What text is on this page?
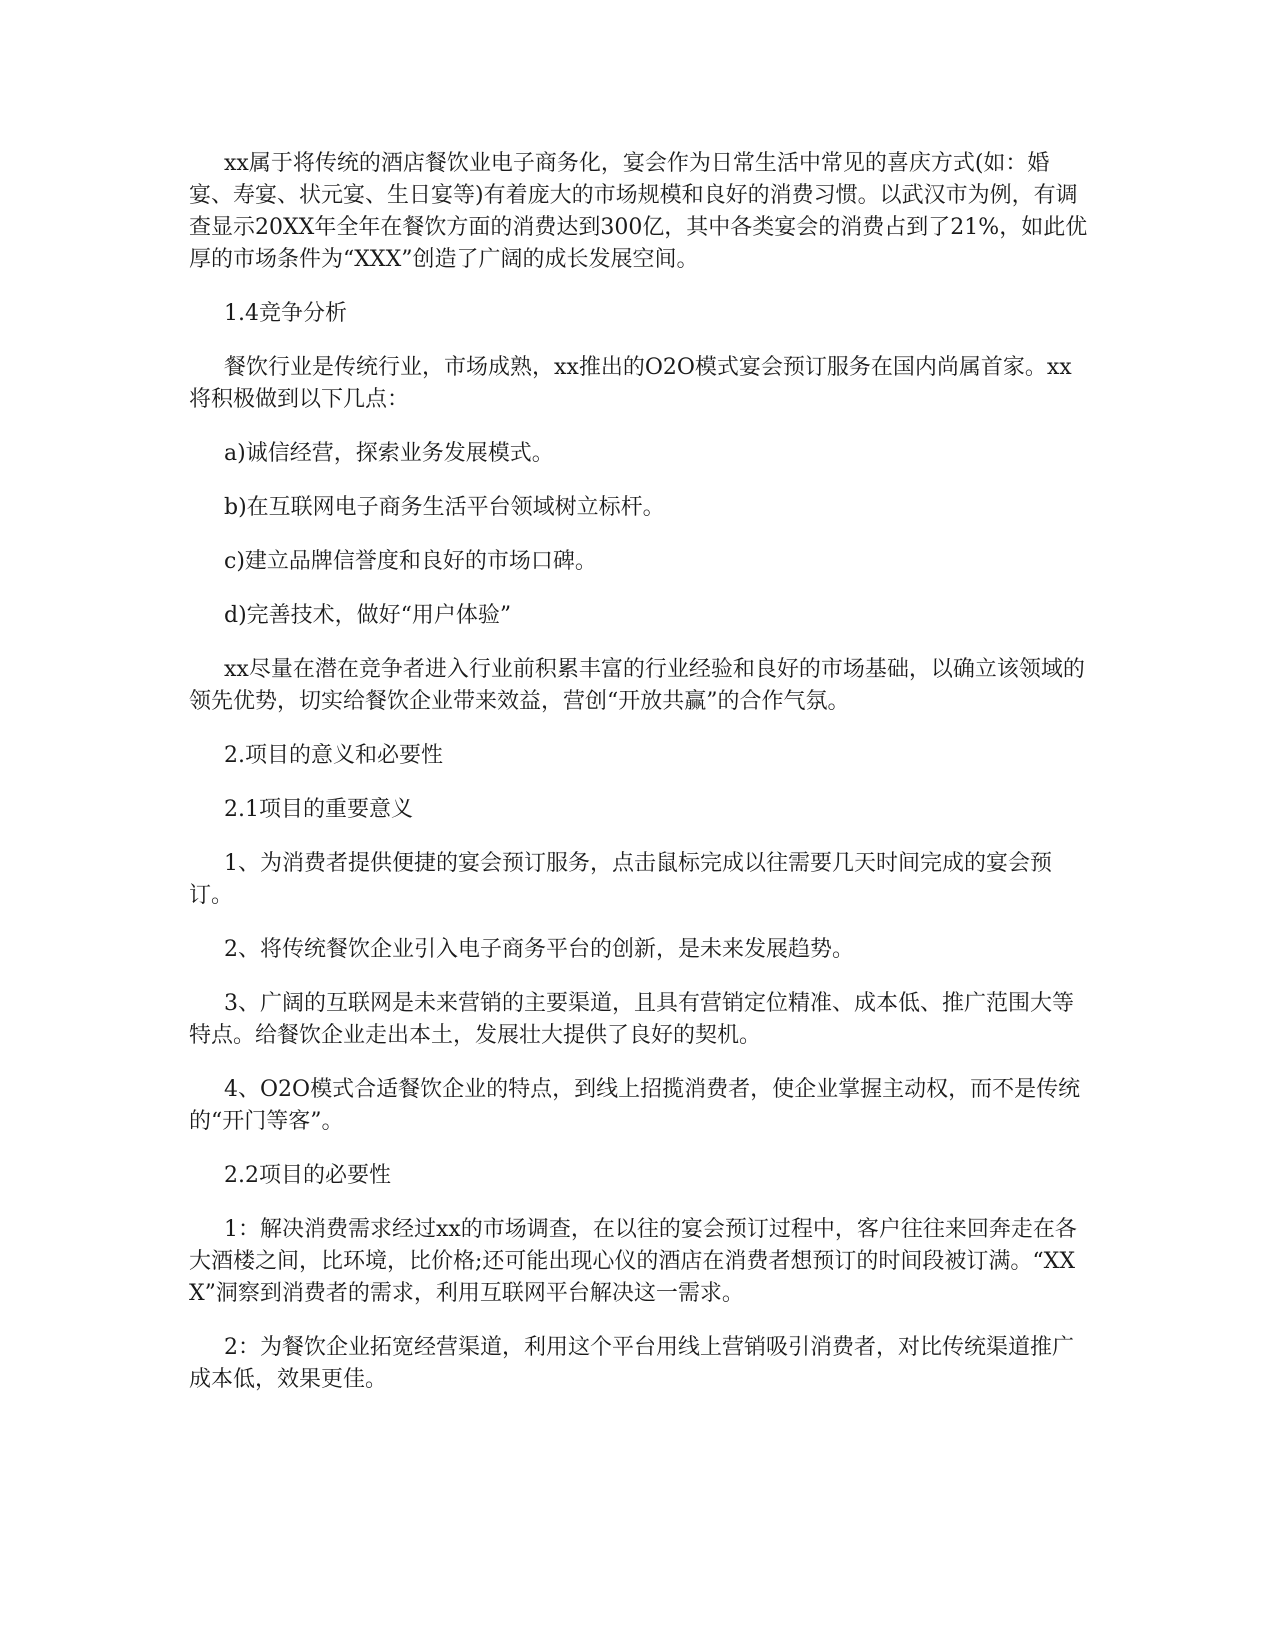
xx属于将传统的酒店餐饮业电子商务化，宴会作为日常生活中常见的喜庆方式(如：婚宴、寿宴、状元宴、生日宴等)有着庞大的市场规模和良好的消费习惯。以武汉市为例，有调查显示20XX年全年在餐饮方面的消费达到300亿，其中各类宴会的消费占到了21%，如此优厚的市场条件为“XXX”创造了广阔的成长发展空间。

1.4竞争分析

餐饮行业是传统行业，市场成熟，xx推出的O2O模式宴会预订服务在国内尚属首家。xx将积极做到以下几点：

a)诚信经营，探索业务发展模式。

b)在互联网电子商务生活平台领域树立标杆。

c)建立品牌信誉度和良好的市场口碑。

d)完善技术，做好“用户体验”

xx尽量在潜在竞争者进入行业前积累丰富的行业经验和良好的市场基础，以确立该领域的领先优势，切实给餐饮企业带来效益，营创“开放共赢”的合作气氛。

2.项目的意义和必要性

2.1项目的重要意义

1、为消费者提供便捷的宴会预订服务，点击鼠标完成以往需要几天时间完成的宴会预订。

2、将传统餐饮企业引入电子商务平台的创新，是未来发展趋势。

3、广阔的互联网是未来营销的主要渠道，且具有营销定位精准、成本低、推广范围大等特点。给餐饮企业走出本土，发展壮大提供了良好的契机。

4、O2O模式合适餐饮企业的特点，到线上招揽消费者，使企业掌握主动权，而不是传统的“开门等客”。

2.2项目的必要性

1：解决消费需求经过xx的市场调查，在以往的宴会预订过程中，客户往往来回奔走在各大酒楼之间，比环境，比价格;还可能出现心仪的酒店在消费者想预订的时间段被订满。“XXX”洞察到消费者的需求，利用互联网平台解决这一需求。

2：为餐饮企业拓宽经营渠道，利用这个平台用线上营销吸引消费者，对比传统渠道推广成本低，效果更佳。
